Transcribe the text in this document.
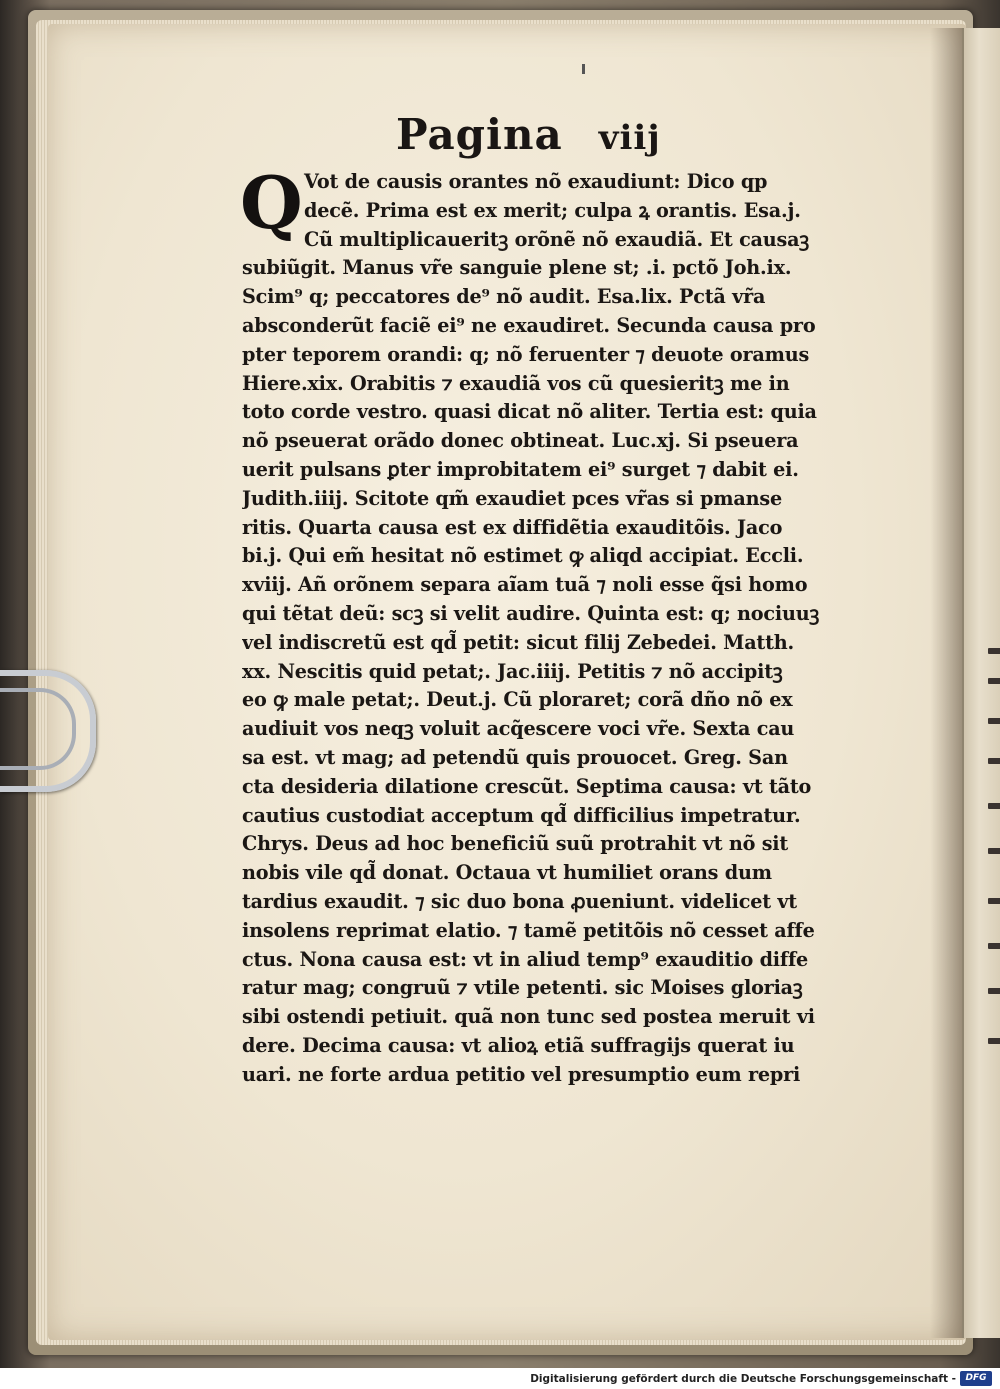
Pagina viij
Q Vot de causis orantes nõ exaudiunt: Dico qp
decẽ. Prima est ex merit; culpa ꝝ orantis. Esa.j.
Cũ multiplicaueritꝫ orõnẽ nõ exaudiã. Et causaꝫ
subiũgit. Manus vr̃e sanguie plene st; .i. pctõ Joh.ix.
Scim⁹ q; peccatores de⁹ nõ audit. Esa.lix. Pctã vr̃a
absconderũt faciẽ ei⁹ ne exaudiret. Secunda causa pro
pter teporem orandi: q; nõ feruenter ⁊ deuote oramus
Hiere.xix. Orabitis ⁊ exaudiã vos cũ quesieritꝫ me in
toto corde vestro. quasi dicat nõ aliter. Tertia est: quia
nõ pseuerat orãdo donec obtineat. Luc.xj. Si pseuera
uerit pulsans ꝑter improbitatem ei⁹ surget ⁊ dabit ei.
Judith.iiij. Scitote qm̃ exaudiet pces vr̃as si pmanse
ritis. Quarta causa est ex diffidẽtia exauditõis. Jaco
bi.j. Qui em̃ hesitat nõ estimet ꝙ aliqd accipiat. Eccli.
xviij. Añ orõnem separa aĩam tuã ⁊ noli esse q̃si homo
qui tẽtat deũ: scꝫ si velit audire. Quinta est: q; nociuuꝫ
vel indiscretũ est qd̃ petit: sicut filij Zebedei. Matth.
xx. Nescitis quid petat;. Jac.iiij. Petitis ⁊ nõ accipitꝫ
eo ꝙ male petat;. Deut.j. Cũ ploraret; corã dño nõ ex
audiuit vos neqꝫ voluit acq̃escere voci vr̃e. Sexta cau
sa est. vt mag; ad petendũ quis prouocet. Greg. San
cta desideria dilatione crescũt. Septima causa: vt tãto
cautius custodiat acceptum qd̃ difficilius impetratur.
Chrys. Deus ad hoc beneficiũ suũ protrahit vt nõ sit
nobis vile qd̃ donat. Octaua vt humiliet orans dum
tardius exaudit. ⁊ sic duo bona ꝓueniunt. videlicet vt
insolens reprimat elatio. ⁊ tamẽ petitõis nõ cesset affe
ctus. Nona causa est: vt in aliud temp⁹ exauditio diffe
ratur mag; congruũ ⁊ vtile petenti. sic Moises gloriaꝫ
sibi ostendi petiuit. quã non tunc sed postea meruit vi
dere. Decima causa: vt alioꝝ etiã suffragijs querat iu
uari. ne forte ardua petitio vel presumptio eum repri
Digitalisierung gefördert durch die Deutsche Forschungsgemeinschaft -	DFG
